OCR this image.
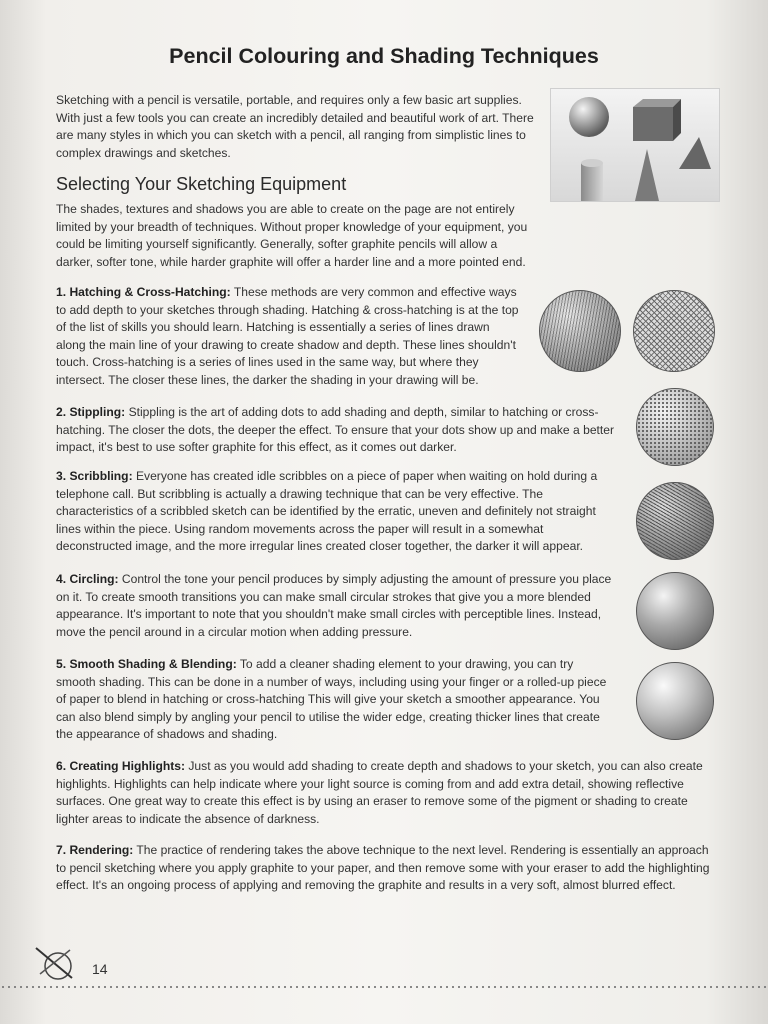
Pencil Colouring and Shading Techniques

Sketching with a pencil is versatile, portable, and requires only a few basic art supplies. With just a few tools you can create an incredibly detailed and beautiful work of art. There are many styles in which you can sketch with a pencil, all ranging from simplistic lines to complex drawings and sketches.

Selecting Your Sketching Equipment

The shades, textures and shadows you are able to create on the page are not entirely limited by your breadth of techniques. Without proper knowledge of your equipment, you could be limiting yourself significantly. Generally, softer graphite pencils will allow a darker, softer tone, while harder graphite will offer a harder line and a more pointed end.

1. Hatching & Cross-Hatching: These methods are very common and effective ways to add depth to your sketches through shading. Hatching & cross-hatching is at the top of the list of skills you should learn. Hatching is essentially a series of lines drawn along the main line of your drawing to create shadow and depth. These lines shouldn't touch. Cross-hatching is a series of lines used in the same way, but where they intersect. The closer these lines, the darker the shading in your drawing will be.

2. Stippling: Stippling is the art of adding dots to add shading and depth, similar to hatching or cross-hatching. The closer the dots, the deeper the effect. To ensure that your dots show up and make a better impact, it's best to use softer graphite for this effect, as it comes out darker.

3. Scribbling: Everyone has created idle scribbles on a piece of paper when waiting on hold during a telephone call. But scribbling is actually a drawing technique that can be very effective. The characteristics of a scribbled sketch can be identified by the erratic, uneven and definitely not straight lines within the piece. Using random movements across the paper will result in a somewhat deconstructed image, and the more irregular lines created closer together, the darker it will appear.

4. Circling: Control the tone your pencil produces by simply adjusting the amount of pressure you place on it. To create smooth transitions you can make small circular strokes that give you a more blended appearance. It's important to note that you shouldn't make small circles with perceptible lines. Instead, move the pencil around in a circular motion when adding pressure.

5. Smooth Shading & Blending: To add a cleaner shading element to your drawing, you can try smooth shading. This can be done in a number of ways, including using your finger or a rolled-up piece of paper to blend in hatching or cross-hatching This will give your sketch a smoother appearance. You can also blend simply by angling your pencil to utilise the wider edge, creating thicker lines that create the appearance of shadows and shading.

6. Creating Highlights: Just as you would add shading to create depth and shadows to your sketch, you can also create highlights. Highlights can help indicate where your light source is coming from and add extra detail, showing reflective surfaces. One great way to create this effect is by using an eraser to remove some of the pigment or shading to create lighter areas to indicate the absence of darkness.

7. Rendering: The practice of rendering takes the above technique to the next level. Rendering is essentially an approach to pencil sketching where you apply graphite to your paper, and then remove some with your eraser to add the highlighting effect. It's an ongoing process of applying and removing the graphite and results in a very soft, almost blurred effect.

14
